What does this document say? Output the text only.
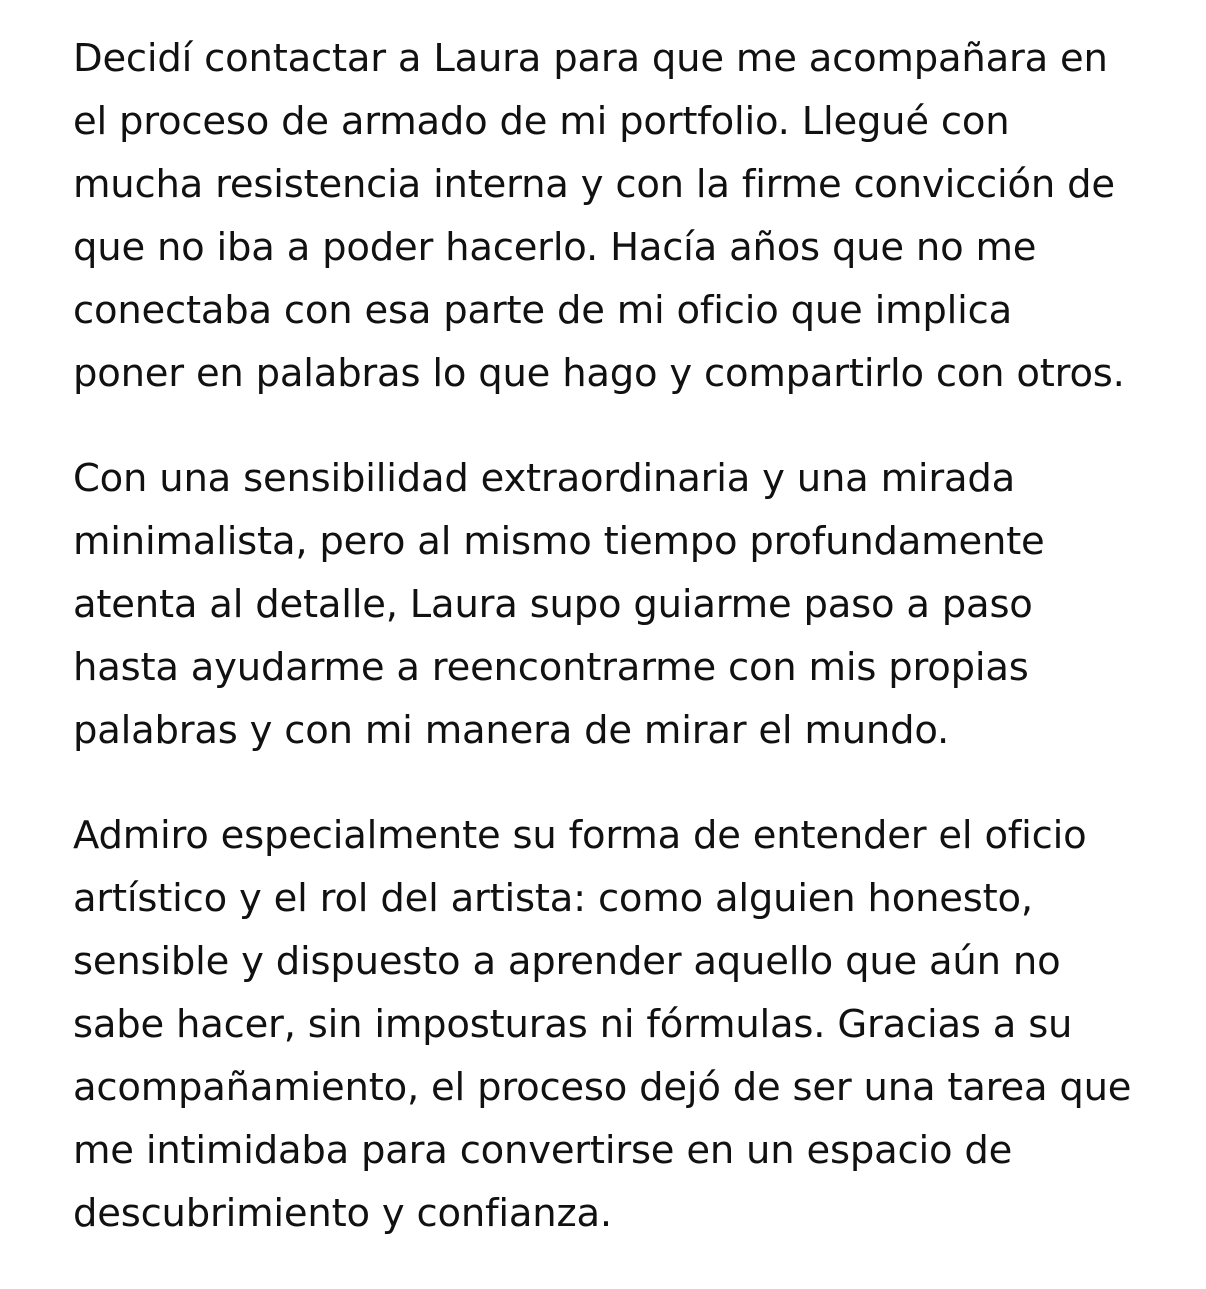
Decidí contactar a Laura para que me acompañara en
el proceso de armado de mi portfolio. Llegué con
mucha resistencia interna y con la firme convicción de
que no iba a poder hacerlo. Hacía años que no me
conectaba con esa parte de mi oficio que implica
poner en palabras lo que hago y compartirlo con otros.

Con una sensibilidad extraordinaria y una mirada
minimalista, pero al mismo tiempo profundamente
atenta al detalle, Laura supo guiarme paso a paso
hasta ayudarme a reencontrarme con mis propias
palabras y con mi manera de mirar el mundo.

Admiro especialmente su forma de entender el oficio
artístico y el rol del artista: como alguien honesto,
sensible y dispuesto a aprender aquello que aún no
sabe hacer, sin imposturas ni fórmulas. Gracias a su
acompañamiento, el proceso dejó de ser una tarea que
me intimidaba para convertirse en un espacio de
descubrimiento y confianza.
